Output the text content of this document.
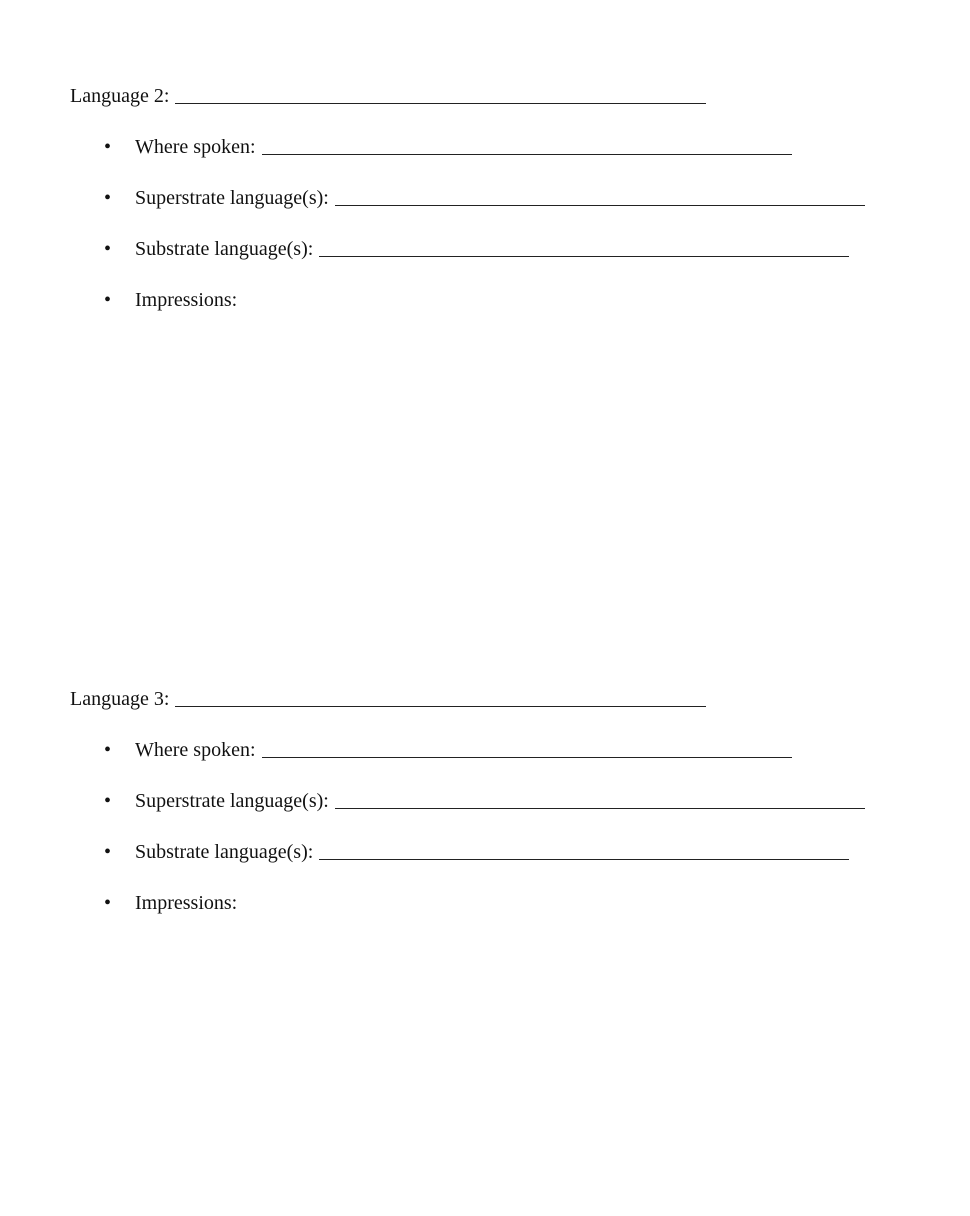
Language 2:
• Where spoken:
• Superstrate language(s):
• Substrate language(s):
• Impressions:
Language 3:
• Where spoken:
• Superstrate language(s):
• Substrate language(s):
• Impressions:
